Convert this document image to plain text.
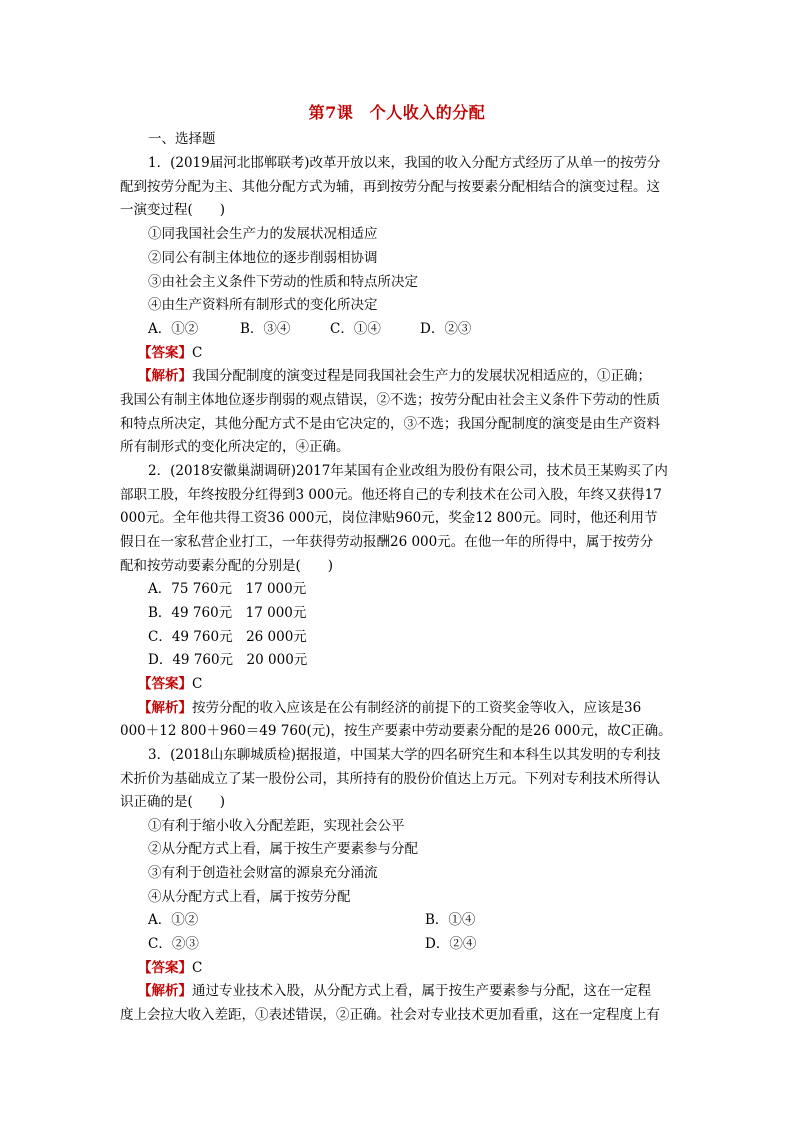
第7课　个人收入的分配
一、选择题
1．(2019届河北邯郸联考)改革开放以来，我国的收入分配方式经历了从单一的按劳分
配到按劳分配为主、其他分配方式为辅，再到按劳分配与按要素分配相结合的演变过程。这
一演变过程(　　)
①同我国社会生产力的发展状况相适应
②同公有制主体地位的逐步削弱相协调
③由社会主义条件下劳动的性质和特点所决定
④由生产资料所有制形式的变化所决定
A．①②	B．③④	C．①④	D．②③
【答案】C
【解析】我国分配制度的演变过程是同我国社会生产力的发展状况相适应的，①正确；
我国公有制主体地位逐步削弱的观点错误，②不选；按劳分配由社会主义条件下劳动的性质
和特点所决定，其他分配方式不是由它决定的，③不选；我国分配制度的演变是由生产资料
所有制形式的变化所决定的，④正确。
2．(2018安徽巢湖调研)2017年某国有企业改组为股份有限公司，技术员王某购买了内
部职工股，年终按股分红得到3 000元。他还将自己的专利技术在公司入股，年终又获得17
000元。全年他共得工资36 000元，岗位津贴960元，奖金12 800元。同时，他还利用节
假日在一家私营企业打工，一年获得劳动报酬26 000元。在他一年的所得中，属于按劳分
配和按劳动要素分配的分别是(　　)
A．75 760元　17 000元
B．49 760元　17 000元
C．49 760元　26 000元
D．49 760元　20 000元
【答案】C
【解析】按劳分配的收入应该是在公有制经济的前提下的工资奖金等收入，应该是36
000＋12 800＋960＝49 760(元)，按生产要素中劳动要素分配的是26 000元，故C正确。
3．(2018山东聊城质检)据报道，中国某大学的四名研究生和本科生以其发明的专利技
术折价为基础成立了某一股份公司，其所持有的股份价值达上万元。下列对专利技术所得认
识正确的是(　　)
①有利于缩小收入分配差距，实现社会公平
②从分配方式上看，属于按生产要素参与分配
③有利于创造社会财富的源泉充分涌流
④从分配方式上看，属于按劳分配
A．①②	B．①④
C．②③	D．②④
【答案】C
【解析】通过专业技术入股，从分配方式上看，属于按生产要素参与分配，这在一定程
度上会拉大收入差距，①表述错误，②正确。社会对专业技术更加看重，这在一定程度上有
